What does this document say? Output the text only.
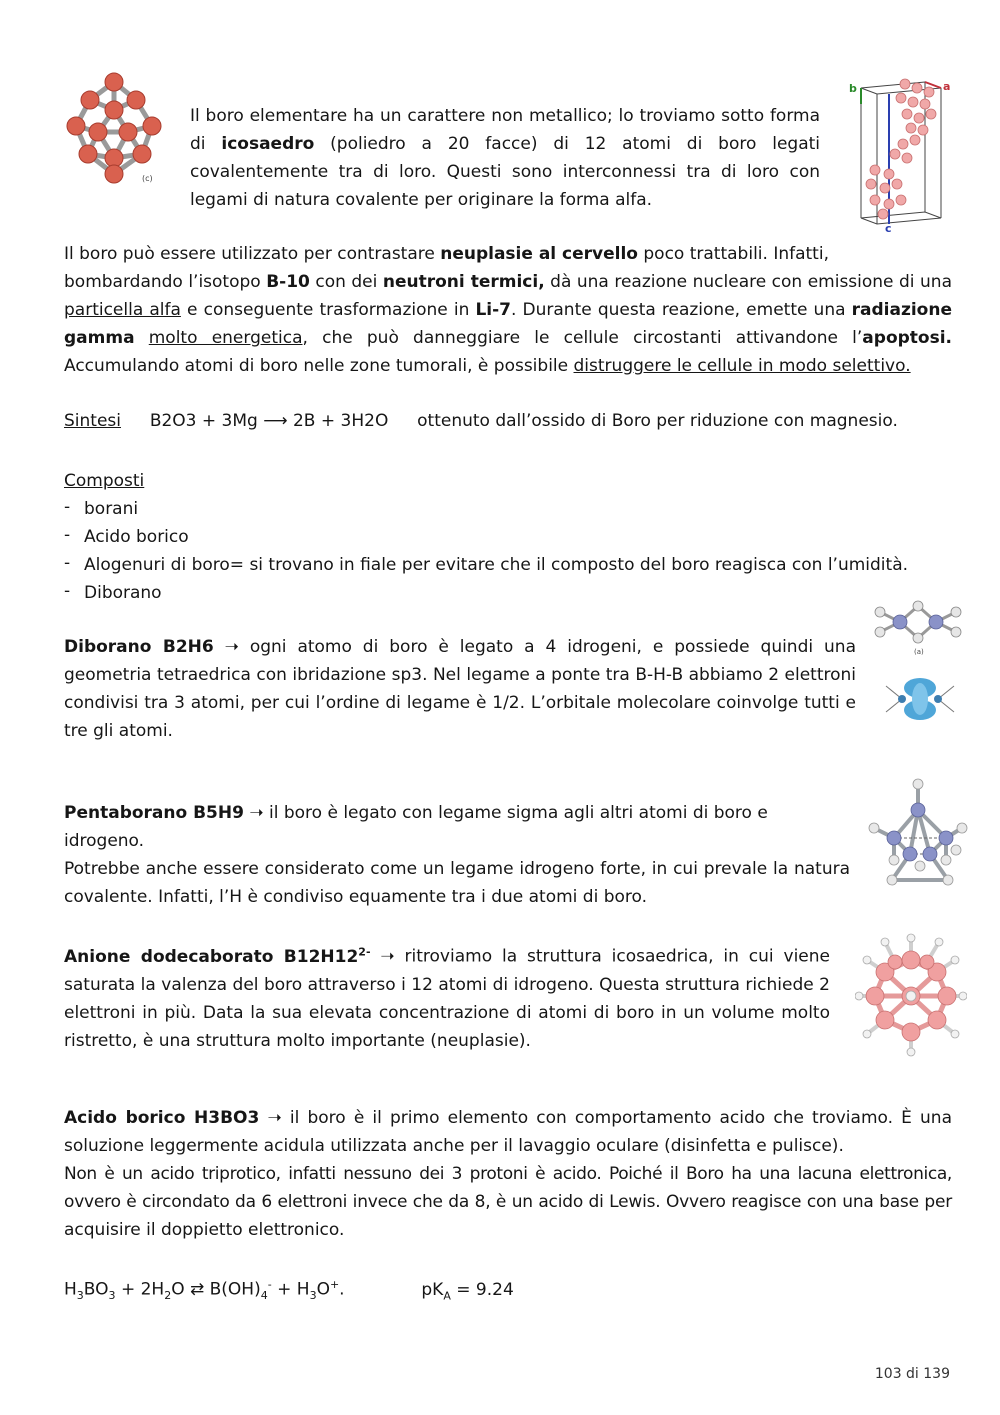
(c)

Il boro elementare ha un carattere non metallico; lo troviamo sotto forma

di icosaedro (poliedro a 20 facce) di 12 atomi di boro legati

covalentemente tra di loro. Questi sono interconnessi tra di loro con

legami di natura covalente per originare la forma alfa.

b	a
c

Il boro può essere utilizzato per contrastare neuplasie al cervello poco trattabili. Infatti,

bombardando l’isotopo B-10 con dei neutroni termici, dà una reazione nucleare con emissione di una

particella alfa e conseguente trasformazione in Li-7. Durante questa reazione, emette una radiazione

gamma molto energetica, che può danneggiare le cellule circostanti attivandone l’apoptosi.

Accumulando atomi di boro nelle zone tumorali, è possibile distruggere le cellule in modo selettivo.

Sintesi B2O3 + 3Mg ⟶ 2B + 3H2O ottenuto dall’ossido di Boro per riduzione con magnesio.

Composti

- borani
- Acido borico
- Alogenuri di boro= si trovano in fiale per evitare che il composto del boro reagisca con l’umidità.
- Diborano
(a)

Diborano B2H6 ➝ ogni atomo di boro è legato a 4 idrogeni, e possiede quindi una

geometria tetraedrica con ibridazione sp3. Nel legame a ponte tra B-H-B abbiamo 2 elettroni

condivisi tra 3 atomi, per cui l’ordine di legame è 1/2. L’orbitale molecolare coinvolge tutti e

tre gli atomi.

Pentaborano B5H9 ➝ il boro è legato con legame sigma agli altri atomi di boro e idrogeno.

Potrebbe anche essere considerato come un legame idrogeno forte, in cui prevale la natura

covalente. Infatti, l’H è condiviso equamente tra i due atomi di boro.

Anione dodecaborato $B12H12^{2-}$ ➝ ritroviamo la struttura icosaedrica, in cui viene

saturata la valenza del boro attraverso i 12 atomi di idrogeno. Questa struttura richiede 2

elettroni in più. Data la sua elevata concentrazione di atomi di boro in un volume molto

ristretto, è una struttura molto importante (neuplasie).

Acido borico H3BO3 ➝ il boro è il primo elemento con comportamento acido che troviamo. È una

soluzione leggermente acidula utilizzata anche per il lavaggio oculare (disinfetta e pulisce).

Non è un acido triprotico, infatti nessuno dei 3 protoni è acido. Poiché il Boro ha una lacuna elettronica,

ovvero è circondato da 6 elettroni invece che da 8, è un acido di Lewis. Ovvero reagisce con una base per

acquisire il doppietto elettronico.

$H_3BO_3 + 2H_2O$ ⇄ $B(OH)_4^- + H_3O^+$.	$pK_A = 9.24$
103 di 139
